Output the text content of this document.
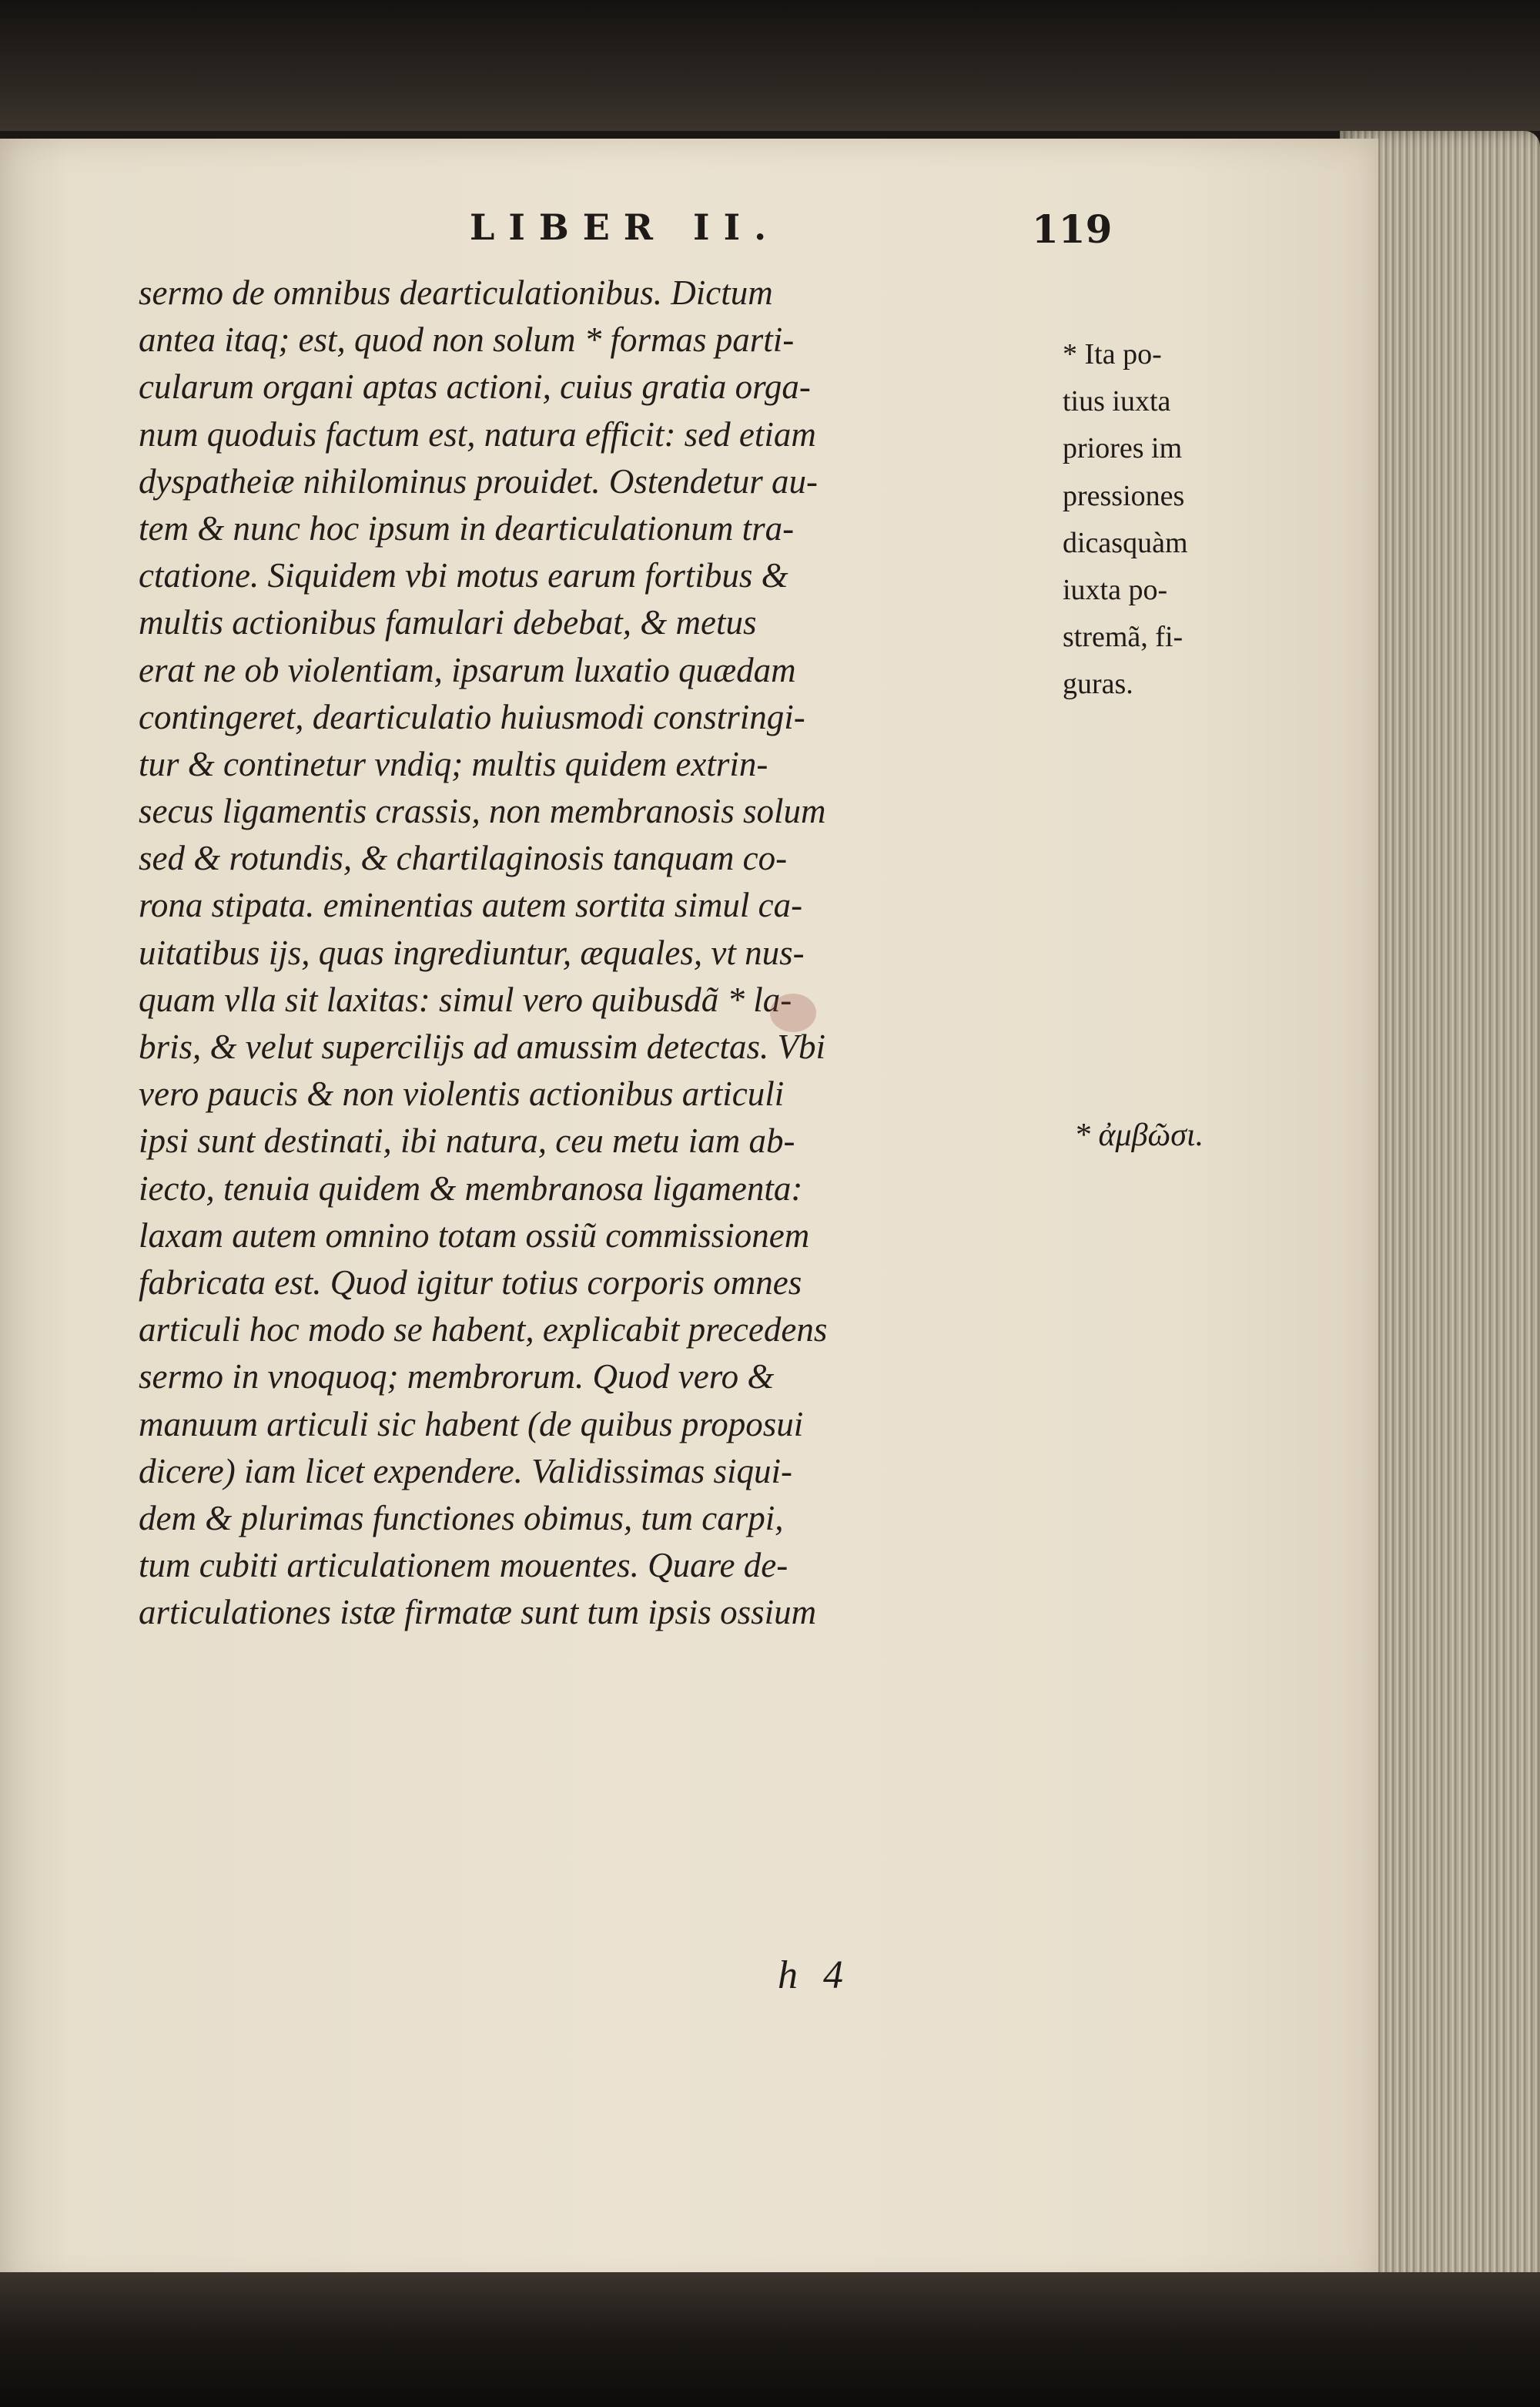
LIBER II.	119
sermo de omnibus dearticulationibus. Dictum
antea itaq; est, quod non solum * formas parti-
cularum organi aptas actioni, cuius gratia orga-
num quoduis factum est, natura efficit: sed etiam
dyspatheiæ nihilominus prouidet. Ostendetur au-
tem & nunc hoc ipsum in dearticulationum tra-
ctatione. Siquidem vbi motus earum fortibus &
multis actionibus famulari debebat, & metus
erat ne ob violentiam, ipsarum luxatio quædam
contingeret, dearticulatio huiusmodi constringi-
tur & continetur vndiq; multis quidem extrin-
secus ligamentis crassis, non membranosis solum
sed & rotundis, & chartilaginosis tanquam co-
rona stipata. eminentias autem sortita simul ca-
uitatibus ijs, quas ingrediuntur, æquales, vt nus-
quam vlla sit laxitas: simul vero quibusdã * la-
bris, & velut supercilijs ad amussim detectas. Vbi
vero paucis & non violentis actionibus articuli
ipsi sunt destinati, ibi natura, ceu metu iam ab-
iecto, tenuia quidem & membranosa ligamenta:
laxam autem omnino totam ossiũ commissionem
fabricata est. Quod igitur totius corporis omnes
articuli hoc modo se habent, explicabit precedens
sermo in vnoquoq; membrorum. Quod vero &
manuum articuli sic habent (de quibus proposui
dicere) iam licet expendere. Validissimas siqui-
dem & plurimas functiones obimus, tum carpi,
tum cubiti articulationem mouentes. Quare de-
articulationes istæ firmatæ sunt tum ipsis ossium
* Ita po-
tius iuxta
priores im
pressiones
dicasquàm
iuxta po-
stremã, fi-
guras.
* ἀμβῶσι.
h 4
